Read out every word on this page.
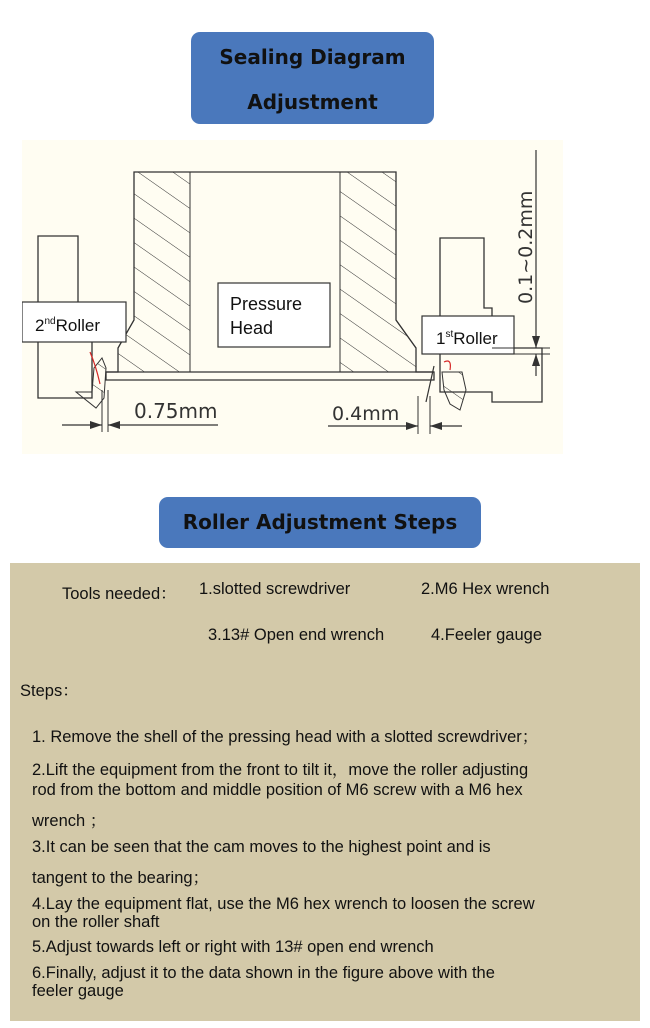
Sealing Diagram
Adjustment
2ndRoller
1stRoller
Pressure
Head
0.75mm	0.4mm
0.1~0.2mm
Roller Adjustment Steps
Tools needed： 1.slotted screwdriver	2.M6 Hex wrench
3.13# Open end wrench	4.Feeler gauge
Steps：
1. Remove the shell of the pressing head with a slotted screwdriver；
2.Lift the equipment from the front to tilt it，move the roller adjusting
rod from the bottom and middle position of M6 screw with a M6 hex
wrench ；
3.It can be seen that the cam moves to the highest point and is
tangent to the bearing；
4.Lay the equipment flat, use the M6 hex wrench to loosen the screw
on the roller shaft
5.Adjust towards left or right with 13# open end wrench
6.Finally, adjust it to the data shown in the figure above with the
feeler gauge
